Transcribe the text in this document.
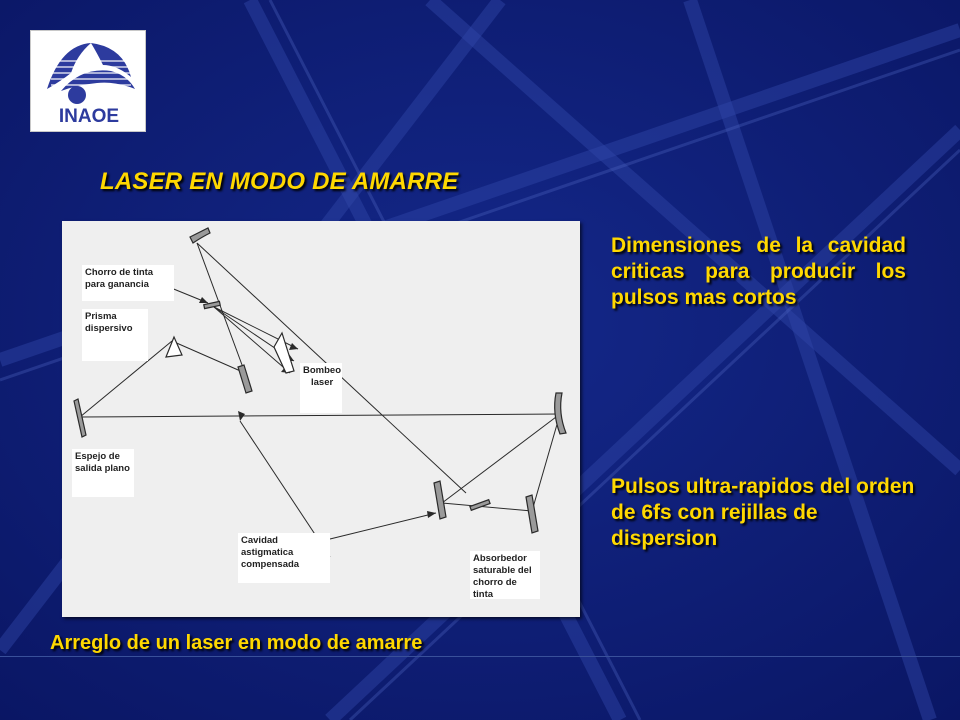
INAOE
LASER EN MODO DE AMARRE
Chorro de tinta
para ganancia
Prisma
dispersivo
Bombeo
laser
Espejo de
salida plano
Cavidad astigmatica
compensada
Absorbedor
saturable del
chorro de tinta
Dimensiones de la cavidad criticas para producir los pulsos mas cortos
Pulsos ultra-rapidos del orden de 6fs con rejillas de dispersion
Arreglo de un laser en modo de amarre
